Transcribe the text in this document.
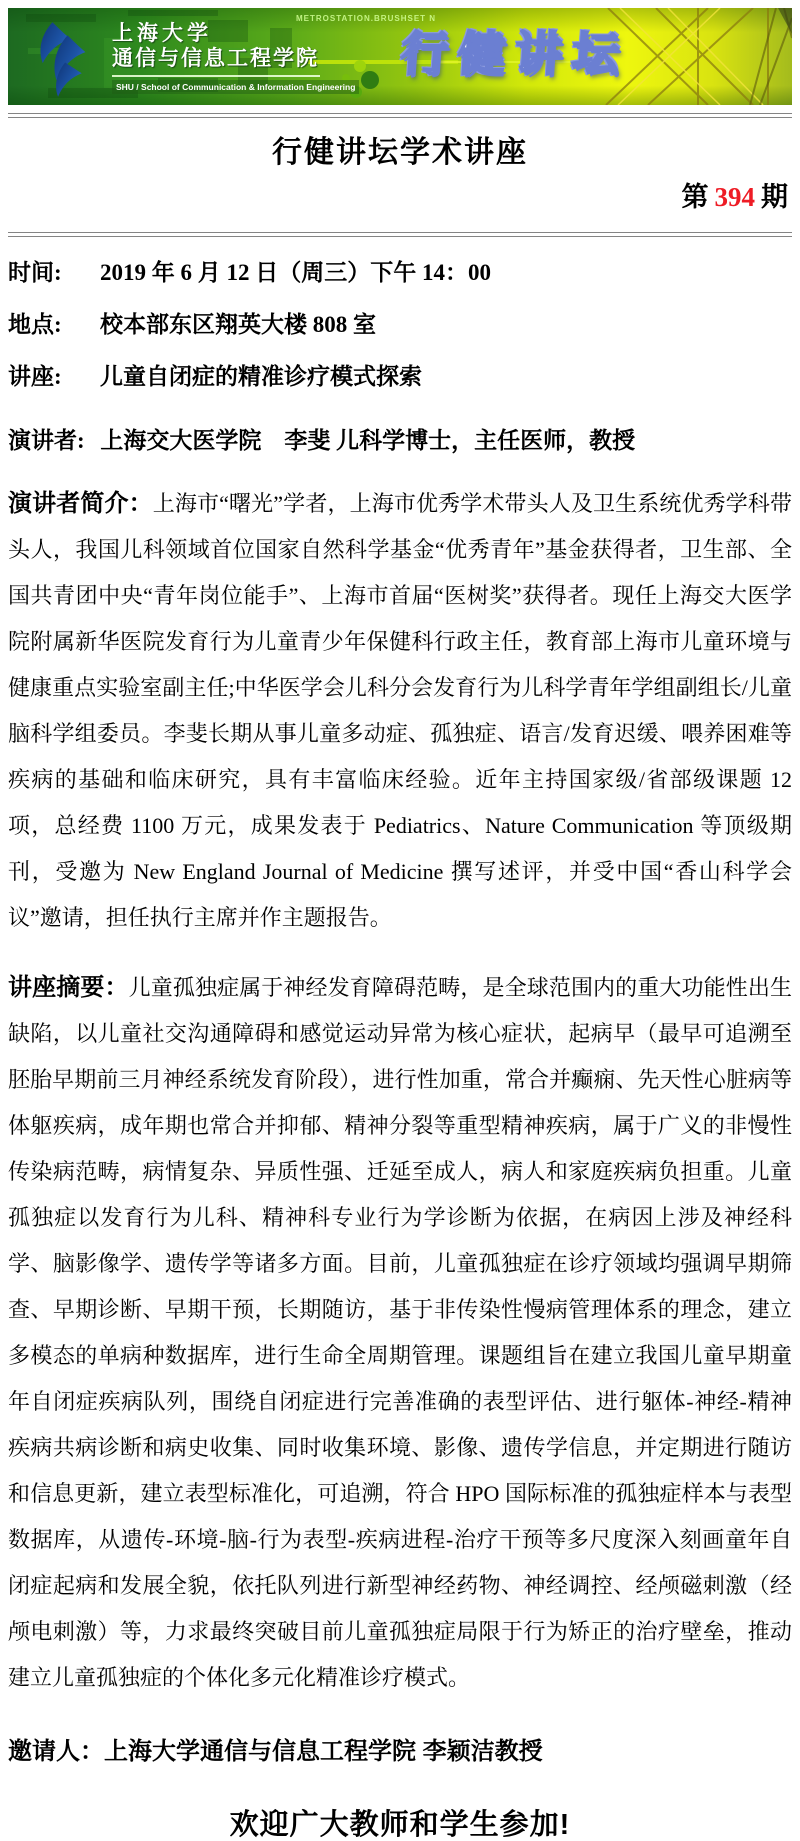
上海大学
通信与信息工程学院
SHU / School of Communication & Information Engineering
METROSTATION.BRUSHSET N
行健讲坛
行健讲坛学术讲座
第 394 期
时间:	2019 年 6 月 12 日（周三）下午 14：00
地点:	校本部东区翔英大楼 808 室
讲座:	儿童自闭症的精准诊疗模式探索

演讲者: 上海交大医学院　李斐 儿科学博士，主任医师，教授

演讲者简介：上海市“曙光”学者，上海市优秀学术带头人及卫生系统优秀学科带头人，我国儿科领域首位国家自然科学基金“优秀青年”基金获得者，卫生部、全国共青团中央“青年岗位能手”、上海市首届“医树奖”获得者。现任上海交大医学院附属新华医院发育行为儿童青少年保健科行政主任，教育部上海市儿童环境与健康重点实验室副主任;中华医学会儿科分会发育行为儿科学青年学组副组长/儿童脑科学组委员。李斐长期从事儿童多动症、孤独症、语言/发育迟缓、喂养困难等疾病的基础和临床研究，具有丰富临床经验。近年主持国家级/省部级课题 12 项，总经费 1100 万元，成果发表于 Pediatrics、Nature Communication 等顶级期刊，受邀为 New England Journal of Medicine 撰写述评，并受中国“香山科学会议”邀请，担任执行主席并作主题报告。

讲座摘要：儿童孤独症属于神经发育障碍范畴，是全球范围内的重大功能性出生缺陷，以儿童社交沟通障碍和感觉运动异常为核心症状，起病早（最早可追溯至胚胎早期前三月神经系统发育阶段），进行性加重，常合并癫痫、先天性心脏病等体躯疾病，成年期也常合并抑郁、精神分裂等重型精神疾病，属于广义的非慢性传染病范畴，病情复杂、异质性强、迁延至成人，病人和家庭疾病负担重。儿童孤独症以发育行为儿科、精神科专业行为学诊断为依据，在病因上涉及神经科学、脑影像学、遗传学等诸多方面。目前，儿童孤独症在诊疗领域均强调早期筛查、早期诊断、早期干预，长期随访，基于非传染性慢病管理体系的理念，建立多模态的单病种数据库，进行生命全周期管理。课题组旨在建立我国儿童早期童年自闭症疾病队列，围绕自闭症进行完善准确的表型评估、进行躯体-神经-精神疾病共病诊断和病史收集、同时收集环境、影像、遗传学信息，并定期进行随访和信息更新，建立表型标准化，可追溯，符合 HPO 国际标准的孤独症样本与表型数据库，从遗传-环境-脑-行为表型-疾病进程-治疗干预等多尺度深入刻画童年自闭症起病和发展全貌，依托队列进行新型神经药物、神经调控、经颅磁刺激（经颅电刺激）等，力求最终突破目前儿童孤独症局限于行为矫正的治疗壁垒，推动建立儿童孤独症的个体化多元化精准诊疗模式。

邀请人：上海大学通信与信息工程学院 李颖洁教授

欢迎广大教师和学生参加!
